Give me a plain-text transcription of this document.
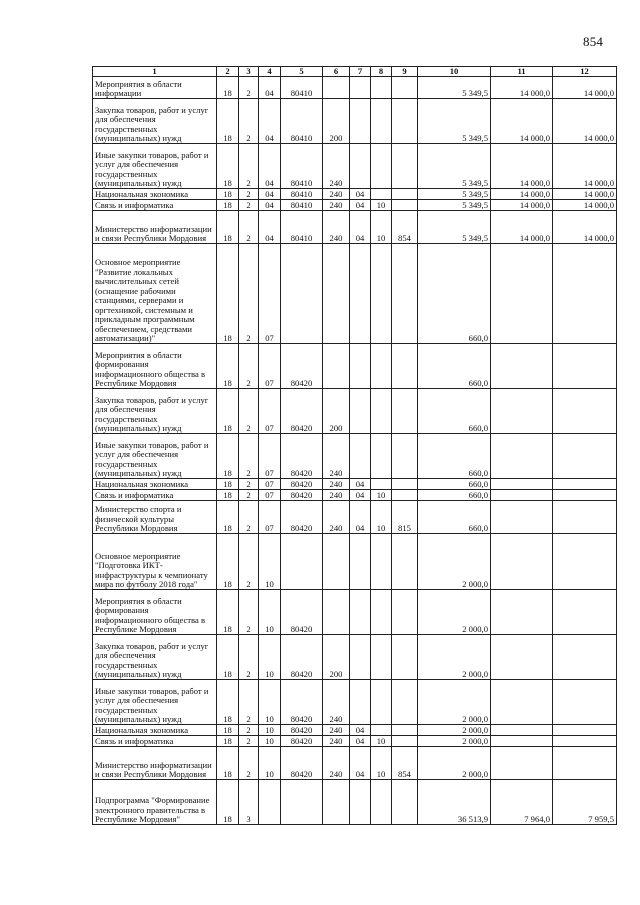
854
1	2	3	4	5	6	7	8	9	10	11	12
Мероприятия в области информации	18	2	04	80410					5 349,5	14 000,0	14 000,0
Закупка товаров, работ и услуг для обеспечения государственных (муниципальных) нужд	18	2	04	80410	200				5 349,5	14 000,0	14 000,0
Иные закупки товаров, работ и услуг для обеспечения государственных (муниципальных) нужд	18	2	04	80410	240				5 349,5	14 000,0	14 000,0
Национальная экономика	18	2	04	80410	240	04			5 349,5	14 000,0	14 000,0
Связь и информатика	18	2	04	80410	240	04	10		5 349,5	14 000,0	14 000,0
Министерство информатизации и связи Республики Мордовия	18	2	04	80410	240	04	10	854	5 349,5	14 000,0	14 000,0
Основное мероприятие "Развитие локальных вычислительных сетей (оснащение рабочими станциями, серверами и оргтехникой, системным и прикладным программным обеспечением, средствами автоматизации)"	18	2	07						660,0		
Мероприятия в области формирования информационного общества в Республике Мордовия	18	2	07	80420					660,0		
Закупка товаров, работ и услуг для обеспечения государственных (муниципальных) нужд	18	2	07	80420	200				660,0		
Иные закупки товаров, работ и услуг для обеспечения государственных (муниципальных) нужд	18	2	07	80420	240				660,0		
Национальная экономика	18	2	07	80420	240	04			660,0		
Связь и информатика	18	2	07	80420	240	04	10		660,0		
Министерство спорта и физической культуры Республики Мордовия	18	2	07	80420	240	04	10	815	660,0		
Основное мероприятие "Подготовка ИКТ-инфраструктуры к чемпионату мира по футболу 2018 года"	18	2	10						2 000,0		
Мероприятия в области формирования информационного общества в Республике Мордовия	18	2	10	80420					2 000,0		
Закупка товаров, работ и услуг для обеспечения государственных (муниципальных) нужд	18	2	10	80420	200				2 000,0		
Иные закупки товаров, работ и услуг для обеспечения государственных (муниципальных) нужд	18	2	10	80420	240				2 000,0		
Национальная экономика	18	2	10	80420	240	04			2 000,0		
Связь и информатика	18	2	10	80420	240	04	10		2 000,0		
Министерство информатизации и связи Республики Мордовия	18	2	10	80420	240	04	10	854	2 000,0		
Подпрограмма "Формирование электронного правительства в Республике Мордовия"	18	3							36 513,9	7 964,0	7 959,5
